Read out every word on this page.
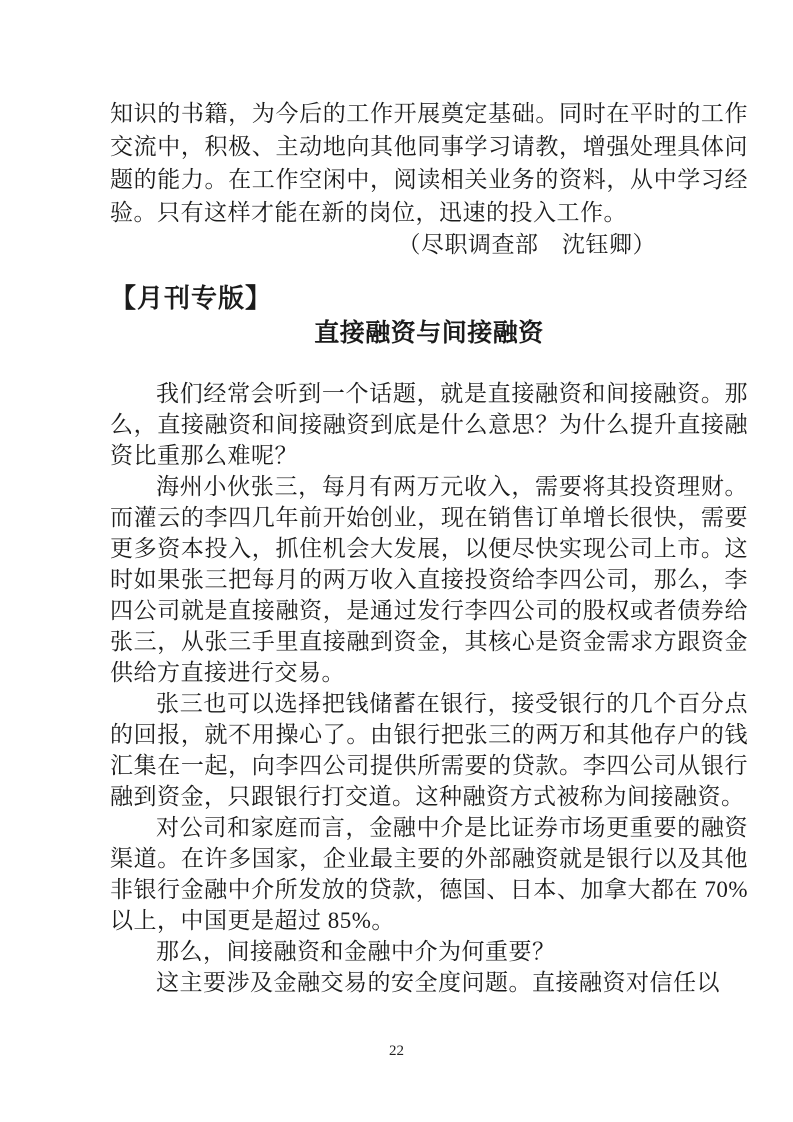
知识的书籍，为今后的工作开展奠定基础。同时在平时的工作交流中，积极、主动地向其他同事学习请教，增强处理具体问题的能力。在工作空闲中，阅读相关业务的资料，从中学习经验。只有这样才能在新的岗位，迅速的投入工作。

（尽职调查部　沈钰卿）

【月刊专版】
直接融资与间接融资

我们经常会听到一个话题，就是直接融资和间接融资。那么，直接融资和间接融资到底是什么意思？为什么提升直接融资比重那么难呢？

海州小伙张三，每月有两万元收入，需要将其投资理财。而灌云的李四几年前开始创业，现在销售订单增长很快，需要更多资本投入，抓住机会大发展，以便尽快实现公司上市。这时如果张三把每月的两万收入直接投资给李四公司，那么，李四公司就是直接融资，是通过发行李四公司的股权或者债券给张三，从张三手里直接融到资金，其核心是资金需求方跟资金供给方直接进行交易。

张三也可以选择把钱储蓄在银行，接受银行的几个百分点的回报，就不用操心了。由银行把张三的两万和其他存户的钱汇集在一起，向李四公司提供所需要的贷款。李四公司从银行融到资金，只跟银行打交道。这种融资方式被称为间接融资。

对公司和家庭而言，金融中介是比证券市场更重要的融资渠道。在许多国家，企业最主要的外部融资就是银行以及其他非银行金融中介所发放的贷款，德国、日本、加拿大都在 70%以上，中国更是超过 85%。

那么，间接融资和金融中介为何重要？

这主要涉及金融交易的安全度问题。直接融资对信任以

22
